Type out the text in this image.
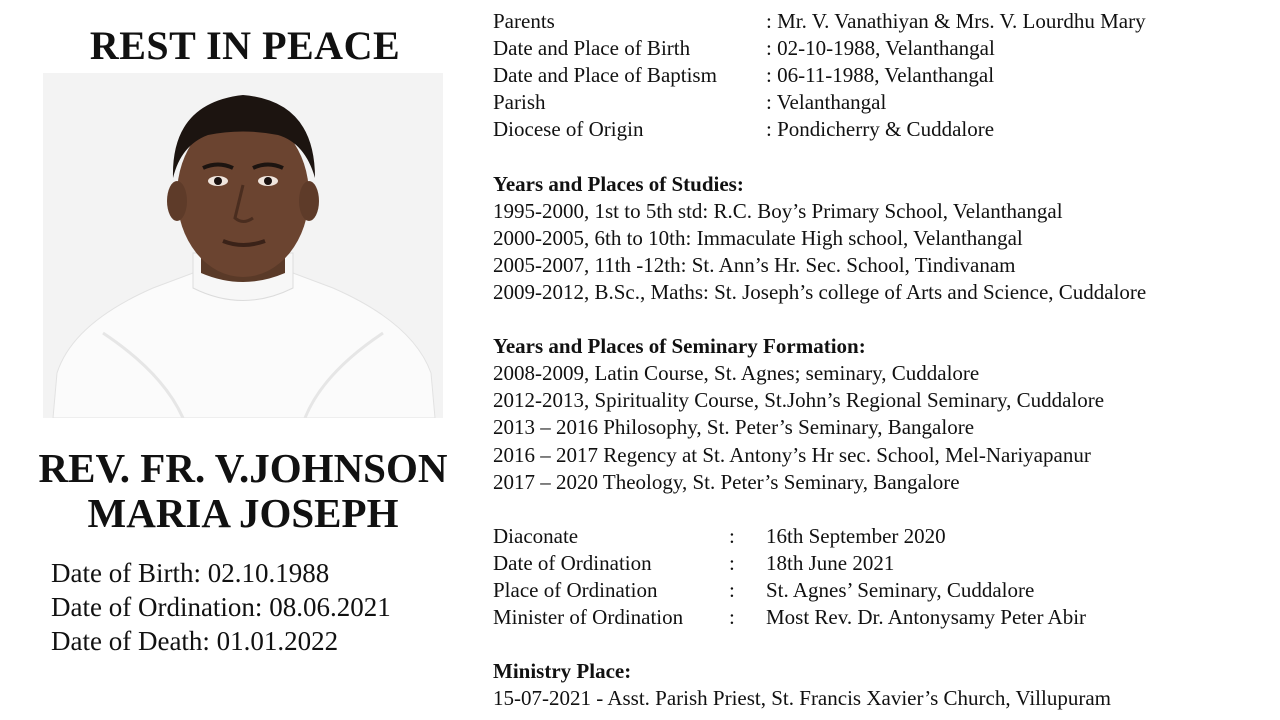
REST IN PEACE
REV. FR. V.JOHNSON
MARIA JOSEPH
Date of Birth: 02.10.1988
Date of Ordination: 08.06.2021
Date of Death: 01.01.2022
Parents	: Mr. V. Vanathiyan & Mrs. V. Lourdhu Mary
Date and Place of Birth	: 02-10-1988, Velanthangal
Date and Place of Baptism	: 06-11-1988, Velanthangal
Parish	: Velanthangal
Diocese of Origin	: Pondicherry & Cuddalore
Years and Places of Studies:
1995-2000, 1st to 5th std: R.C. Boy’s Primary School, Velanthangal
2000-2005, 6th to 10th: Immaculate High school, Velanthangal
2005-2007, 11th -12th: St. Ann’s Hr. Sec. School, Tindivanam
2009-2012, B.Sc., Maths: St. Joseph’s college of Arts and Science, Cuddalore
Years and Places of Seminary Formation:
2008-2009, Latin Course, St. Agnes; seminary, Cuddalore
2012-2013, Spirituality Course, St.John’s Regional Seminary, Cuddalore
2013 – 2016 Philosophy, St. Peter’s Seminary, Bangalore
2016 – 2017 Regency at St. Antony’s Hr sec. School, Mel-Nariyapanur
2017 – 2020 Theology, St. Peter’s Seminary, Bangalore
Diaconate	:	16th September 2020
Date of Ordination	:	18th June 2021
Place of Ordination	:	St. Agnes’ Seminary, Cuddalore
Minister of Ordination	:	Most Rev. Dr. Antonysamy Peter Abir
Ministry Place:
15-07-2021 - Asst. Parish Priest, St. Francis Xavier’s Church, Villupuram
